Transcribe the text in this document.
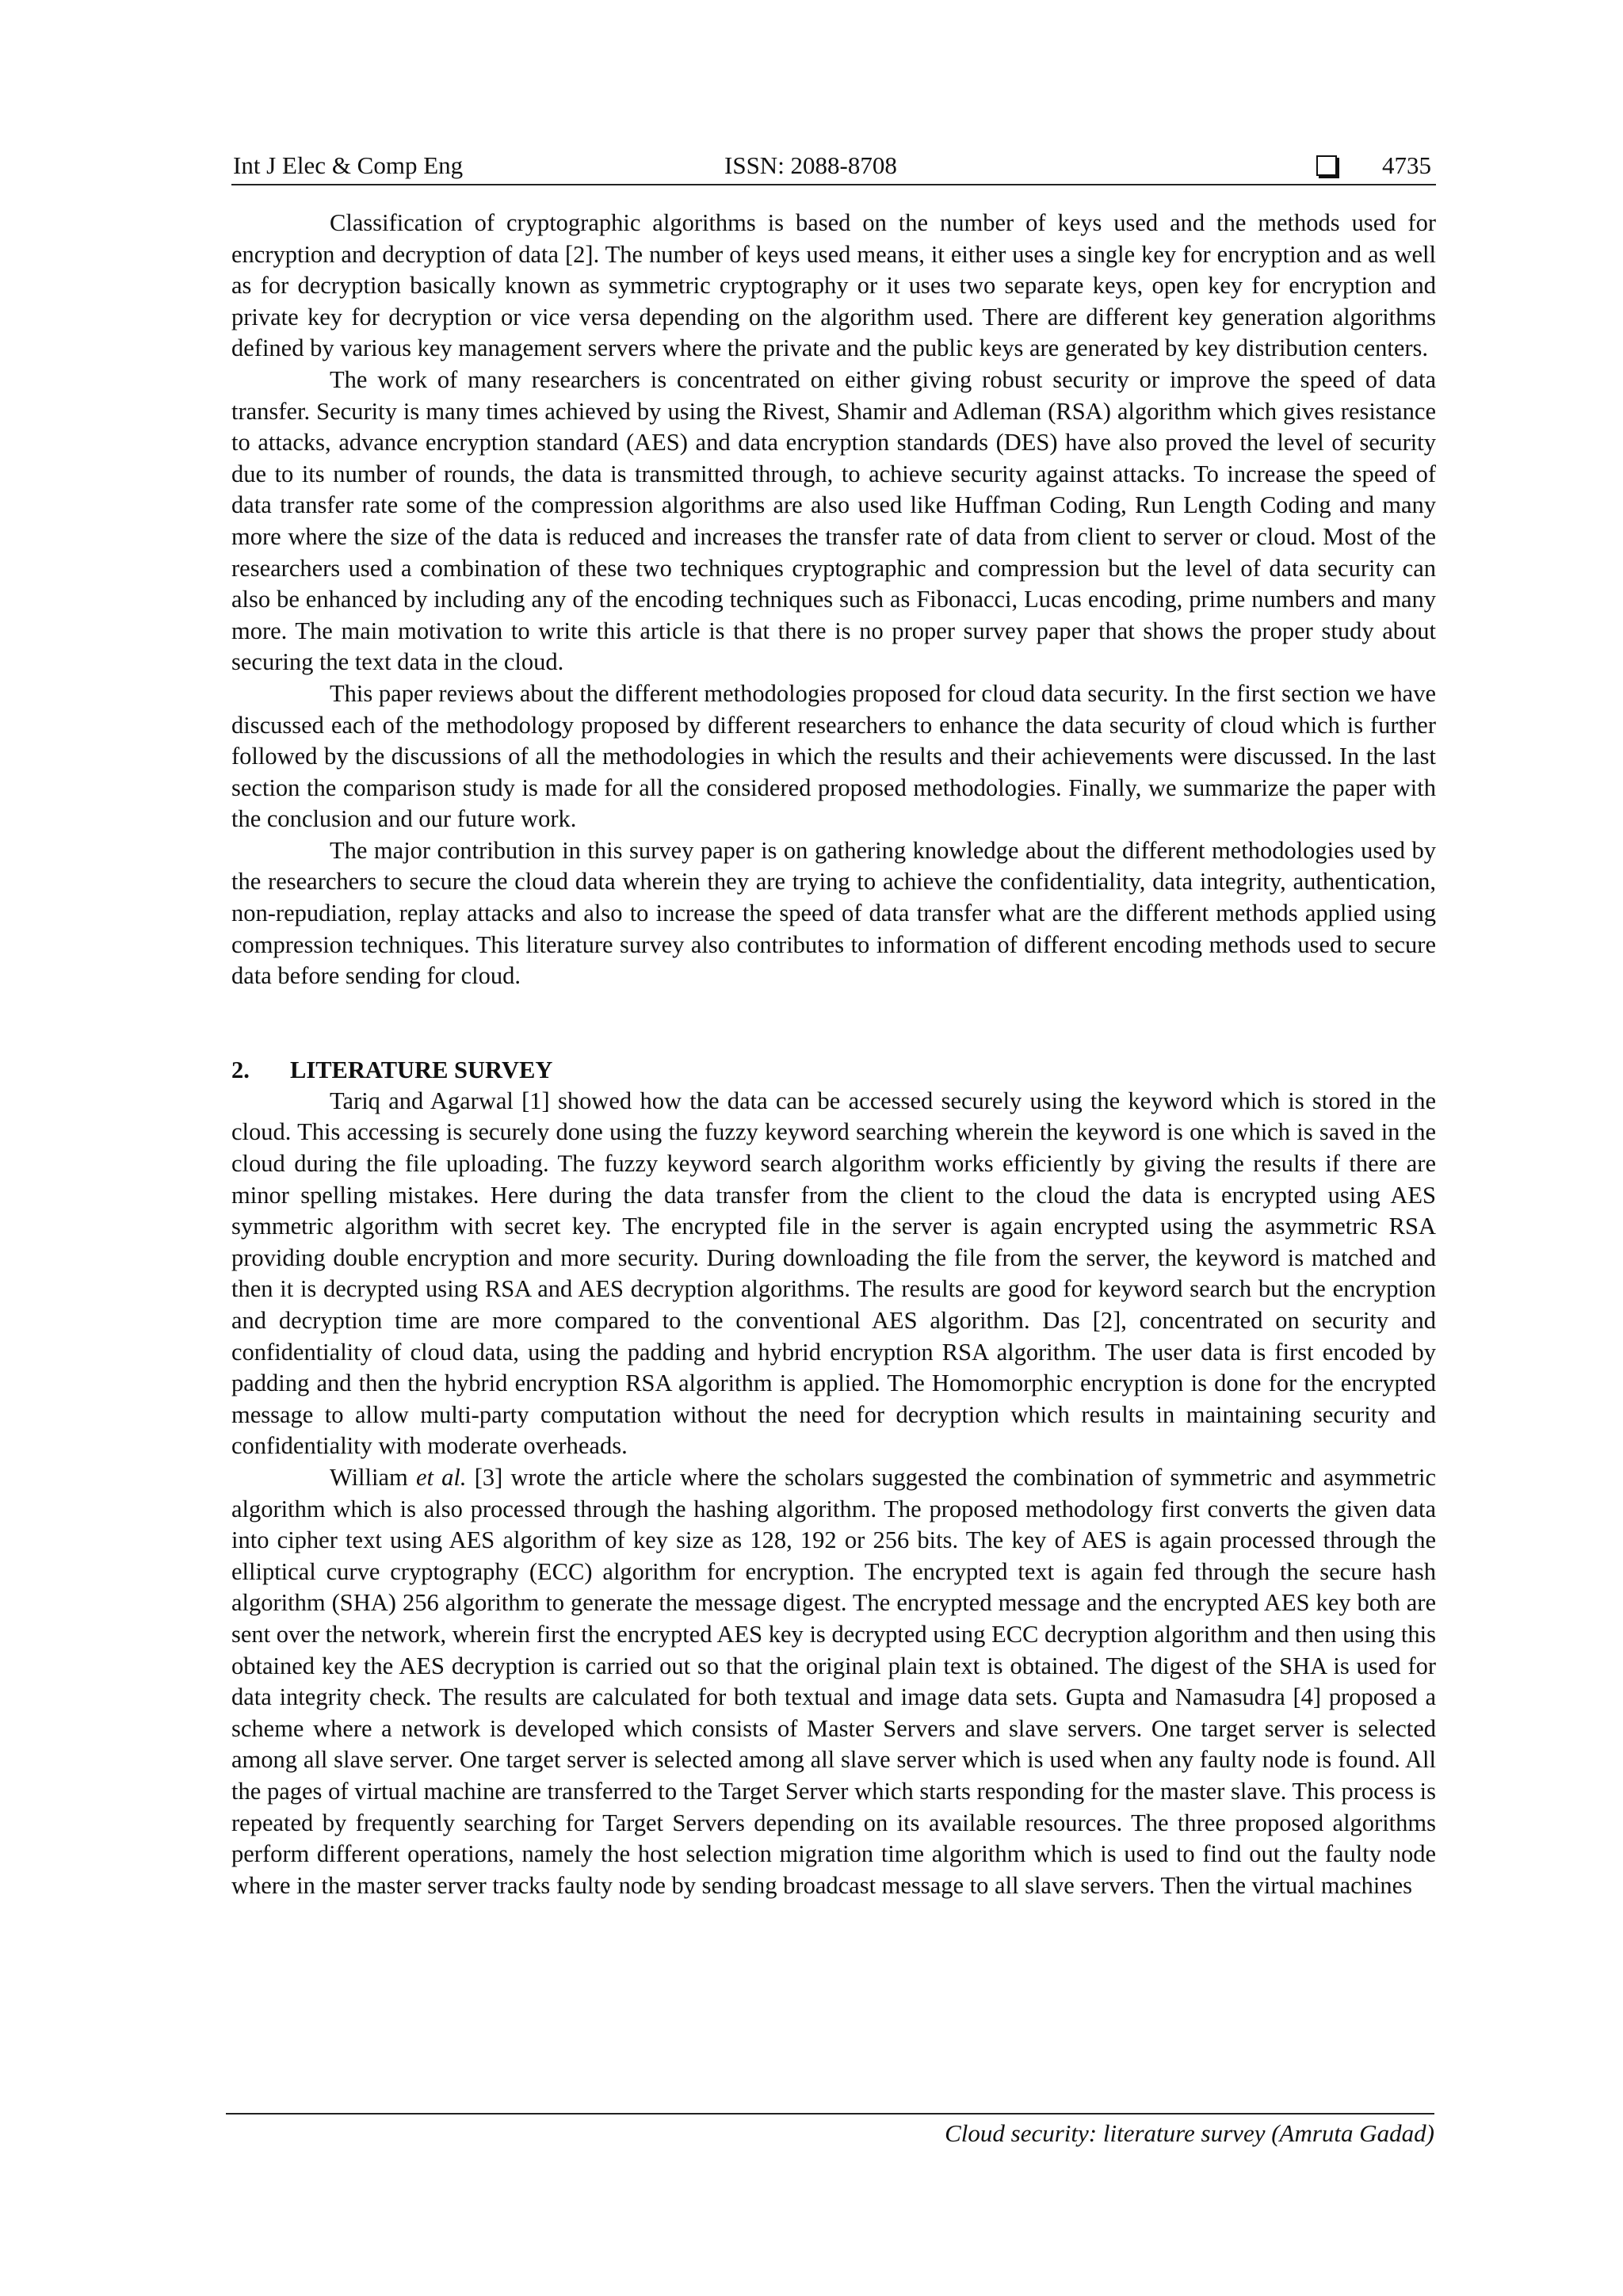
Int J Elec & Comp Eng	ISSN: 2088-8708	4735

Classification of cryptographic algorithms is based on the number of keys used and the methods used for encryption and decryption of data [2]. The number of keys used means, it either uses a single key for encryption and as well as for decryption basically known as symmetric cryptography or it uses two separate keys, open key for encryption and private key for decryption or vice versa depending on the algorithm used. There are different key generation algorithms defined by various key management servers where the private and the public keys are generated by key distribution centers.

The work of many researchers is concentrated on either giving robust security or improve the speed of data transfer. Security is many times achieved by using the Rivest, Shamir and Adleman (RSA) algorithm which gives resistance to attacks, advance encryption standard (AES) and data encryption standards (DES) have also proved the level of security due to its number of rounds, the data is transmitted through, to achieve security against attacks. To increase the speed of data transfer rate some of the compression algorithms are also used like Huffman Coding, Run Length Coding and many more where the size of the data is reduced and increases the transfer rate of data from client to server or cloud. Most of the researchers used a combination of these two techniques cryptographic and compression but the level of data security can also be enhanced by including any of the encoding techniques such as Fibonacci, Lucas encoding, prime numbers and many more. The main motivation to write this article is that there is no proper survey paper that shows the proper study about securing the text data in the cloud.

This paper reviews about the different methodologies proposed for cloud data security. In the first section we have discussed each of the methodology proposed by different researchers to enhance the data security of cloud which is further followed by the discussions of all the methodologies in which the results and their achievements were discussed. In the last section the comparison study is made for all the considered proposed methodologies. Finally, we summarize the paper with the conclusion and our future work.

The major contribution in this survey paper is on gathering knowledge about the different methodologies used by the researchers to secure the cloud data wherein they are trying to achieve the confidentiality, data integrity, authentication, non-repudiation, replay attacks and also to increase the speed of data transfer what are the different methods applied using compression techniques. This literature survey also contributes to information of different encoding methods used to secure data before sending for cloud.

2. LITERATURE SURVEY

Tariq and Agarwal [1] showed how the data can be accessed securely using the keyword which is stored in the cloud. This accessing is securely done using the fuzzy keyword searching wherein the keyword is one which is saved in the cloud during the file uploading. The fuzzy keyword search algorithm works efficiently by giving the results if there are minor spelling mistakes. Here during the data transfer from the client to the cloud the data is encrypted using AES symmetric algorithm with secret key. The encrypted file in the server is again encrypted using the asymmetric RSA providing double encryption and more security. During downloading the file from the server, the keyword is matched and then it is decrypted using RSA and AES decryption algorithms. The results are good for keyword search but the encryption and decryption time are more compared to the conventional AES algorithm. Das [2], concentrated on security and confidentiality of cloud data, using the padding and hybrid encryption RSA algorithm. The user data is first encoded by padding and then the hybrid encryption RSA algorithm is applied. The Homomorphic encryption is done for the encrypted message to allow multi-party computation without the need for decryption which results in maintaining security and confidentiality with moderate overheads.

William et al. [3] wrote the article where the scholars suggested the combination of symmetric and asymmetric algorithm which is also processed through the hashing algorithm. The proposed methodology first converts the given data into cipher text using AES algorithm of key size as 128, 192 or 256 bits. The key of AES is again processed through the elliptical curve cryptography (ECC) algorithm for encryption. The encrypted text is again fed through the secure hash algorithm (SHA) 256 algorithm to generate the message digest. The encrypted message and the encrypted AES key both are sent over the network, wherein first the encrypted AES key is decrypted using ECC decryption algorithm and then using this obtained key the AES decryption is carried out so that the original plain text is obtained. The digest of the SHA is used for data integrity check. The results are calculated for both textual and image data sets. Gupta and Namasudra [4] proposed a scheme where a network is developed which consists of Master Servers and slave servers. One target server is selected among all slave server. One target server is selected among all slave server which is used when any faulty node is found. All the pages of virtual machine are transferred to the Target Server which starts responding for the master slave. This process is repeated by frequently searching for Target Servers depending on its available resources. The three proposed algorithms perform different operations, namely the host selection migration time algorithm which is used to find out the faulty node where in the master server tracks faulty node by sending broadcast message to all slave servers. Then the virtual machines

Cloud security: literature survey (Amruta Gadad)
